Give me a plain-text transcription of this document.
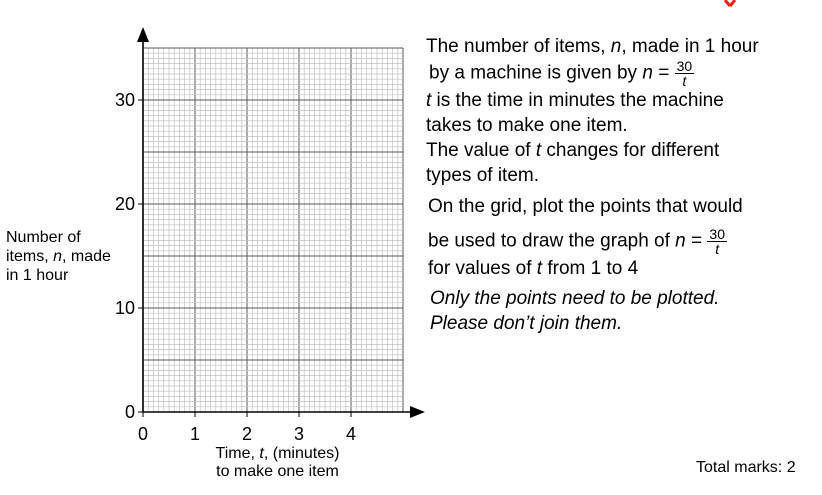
0 1 2 3 4
0
10
20
30
Number of
items, n, made
in 1 hour
Time, t, (minutes)
to make one item
The number of items, n, made in 1 hour
by a machine is given by $n = \frac{30}{t}$
t is the time in minutes the machine
takes to make one item.
The value of t changes for different
types of item.
On the grid, plot the points that would
be used to draw the graph of $n = \frac{30}{t}$
for values of t from 1 to 4
Only the points need to be plotted.
Please don’t join them.
Total marks: 2
